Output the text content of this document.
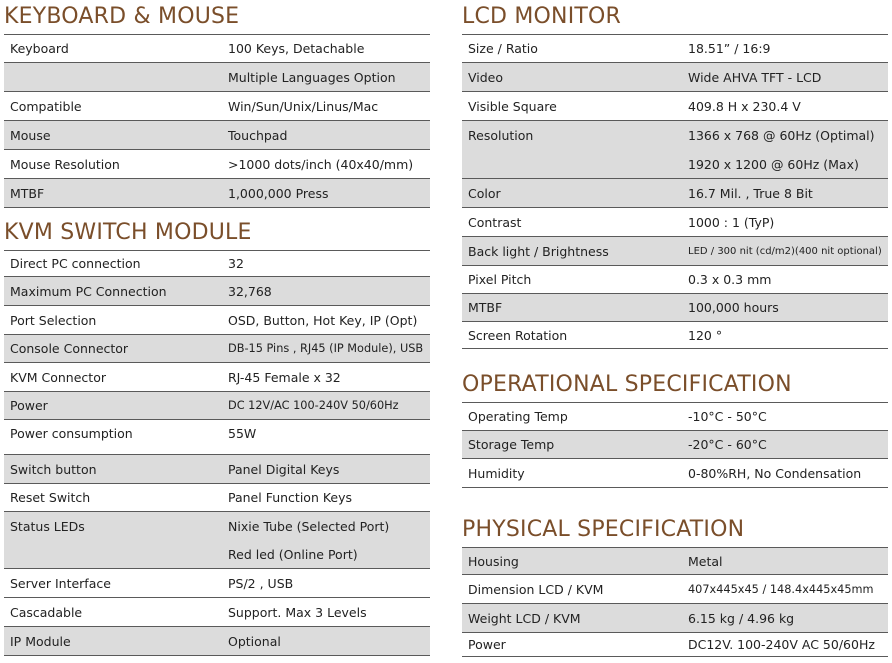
KEYBOARD & MOUSE
Keyboard	100 Keys, Detachable
Multiple Languages Option
Compatible	Win/Sun/Unix/Linus/Mac
Mouse	Touchpad
Mouse Resolution	>1000 dots/inch (40x40/mm)
MTBF	1,000,000 Press
KVM SWITCH MODULE
Direct PC connection	32
Maximum PC Connection	32,768
Port Selection	OSD, Button, Hot Key, IP (Opt)
Console Connector	DB-15 Pins , RJ45 (IP Module), USB
KVM Connector	RJ-45 Female x 32
Power	DC 12V/AC 100-240V 50/60Hz
Power consumption	55W
Switch button	Panel Digital Keys
Reset Switch	Panel Function Keys
Status LEDs	Nixie Tube (Selected Port)
Red led (Online Port)
Server Interface	PS/2 , USB
Cascadable	Support. Max 3 Levels
IP Module	Optional
LCD MONITOR
Size / Ratio	18.51” / 16:9
Video	Wide AHVA TFT - LCD
Visible Square	409.8 H x 230.4 V
Resolution	1366 x 768 @ 60Hz (Optimal)
1920 x 1200 @ 60Hz (Max)
Color	16.7 Mil. , True 8 Bit
Contrast	1000 : 1 (TyP)
Back light / Brightness	LED / 300 nit (cd/m2)(400 nit optional)
Pixel Pitch	0.3 x 0.3 mm
MTBF	100,000 hours
Screen Rotation	120 °
OPERATIONAL SPECIFICATION
Operating Temp	-10°C - 50°C
Storage Temp	-20°C - 60°C
Humidity	0-80%RH, No Condensation
PHYSICAL SPECIFICATION
Housing	Metal
Dimension LCD / KVM	407x445x45 / 148.4x445x45mm
Weight LCD / KVM	6.15 kg / 4.96 kg
Power	DC12V. 100-240V AC 50/60Hz
